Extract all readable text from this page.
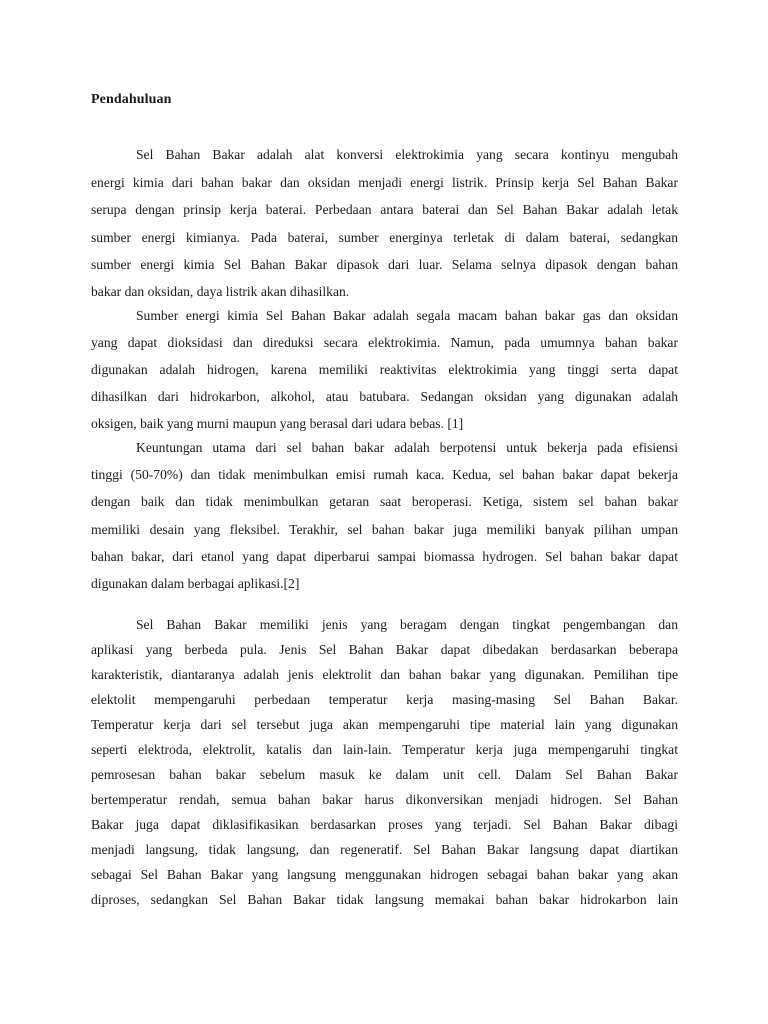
Pendahuluan
Sel Bahan Bakar adalah alat konversi elektrokimia yang secara kontinyu mengubah
energi kimia dari bahan bakar dan oksidan menjadi energi listrik. Prinsip kerja Sel Bahan Bakar
serupa dengan prinsip kerja baterai. Perbedaan antara baterai dan Sel Bahan Bakar adalah letak
sumber energi kimianya. Pada baterai, sumber energinya terletak di dalam baterai, sedangkan
sumber energi kimia Sel Bahan Bakar dipasok dari luar. Selama selnya dipasok dengan bahan
bakar dan oksidan, daya listrik akan dihasilkan.
Sumber energi kimia Sel Bahan Bakar adalah segala macam bahan bakar gas dan oksidan
yang dapat dioksidasi dan direduksi secara elektrokimia. Namun, pada umumnya bahan bakar
digunakan adalah hidrogen, karena memiliki reaktivitas elektrokimia yang tinggi serta dapat
dihasilkan dari hidrokarbon, alkohol, atau batubara. Sedangan oksidan yang digunakan adalah
oksigen, baik yang murni maupun yang berasal dari udara bebas. [1]
Keuntungan utama dari sel bahan bakar adalah berpotensi untuk bekerja pada efisiensi
tinggi (50-70%) dan tidak menimbulkan emisi rumah kaca. Kedua, sel bahan bakar dapat bekerja
dengan baik dan tidak menimbulkan getaran saat beroperasi. Ketiga, sistem sel bahan bakar
memiliki desain yang fleksibel. Terakhir, sel bahan bakar juga memiliki banyak pilihan umpan
bahan bakar, dari etanol yang dapat diperbarui sampai biomassa hydrogen. Sel bahan bakar dapat
digunakan dalam berbagai aplikasi.[2]
Sel Bahan Bakar memiliki jenis yang beragam dengan tingkat pengembangan dan
aplikasi yang berbeda pula. Jenis Sel Bahan Bakar dapat dibedakan berdasarkan beberapa
karakteristik, diantaranya adalah jenis elektrolit dan bahan bakar yang digunakan. Pemilihan tipe
elektolit mempengaruhi perbedaan temperatur kerja masing-masing Sel Bahan Bakar.
Temperatur kerja dari sel tersebut juga akan mempengaruhi tipe material lain yang digunakan
seperti elektroda, elektrolit, katalis dan lain-lain. Temperatur kerja juga mempengaruhi tingkat
pemrosesan bahan bakar sebelum masuk ke dalam unit cell. Dalam Sel Bahan Bakar
bertemperatur rendah, semua bahan bakar harus dikonversikan menjadi hidrogen. Sel Bahan
Bakar juga dapat diklasifikasikan berdasarkan proses yang terjadi. Sel Bahan Bakar dibagi
menjadi langsung, tidak langsung, dan regeneratif. Sel Bahan Bakar langsung dapat diartikan
sebagai Sel Bahan Bakar yang langsung menggunakan hidrogen sebagai bahan bakar yang akan
diproses, sedangkan Sel Bahan Bakar tidak langsung memakai bahan bakar hidrokarbon lain
